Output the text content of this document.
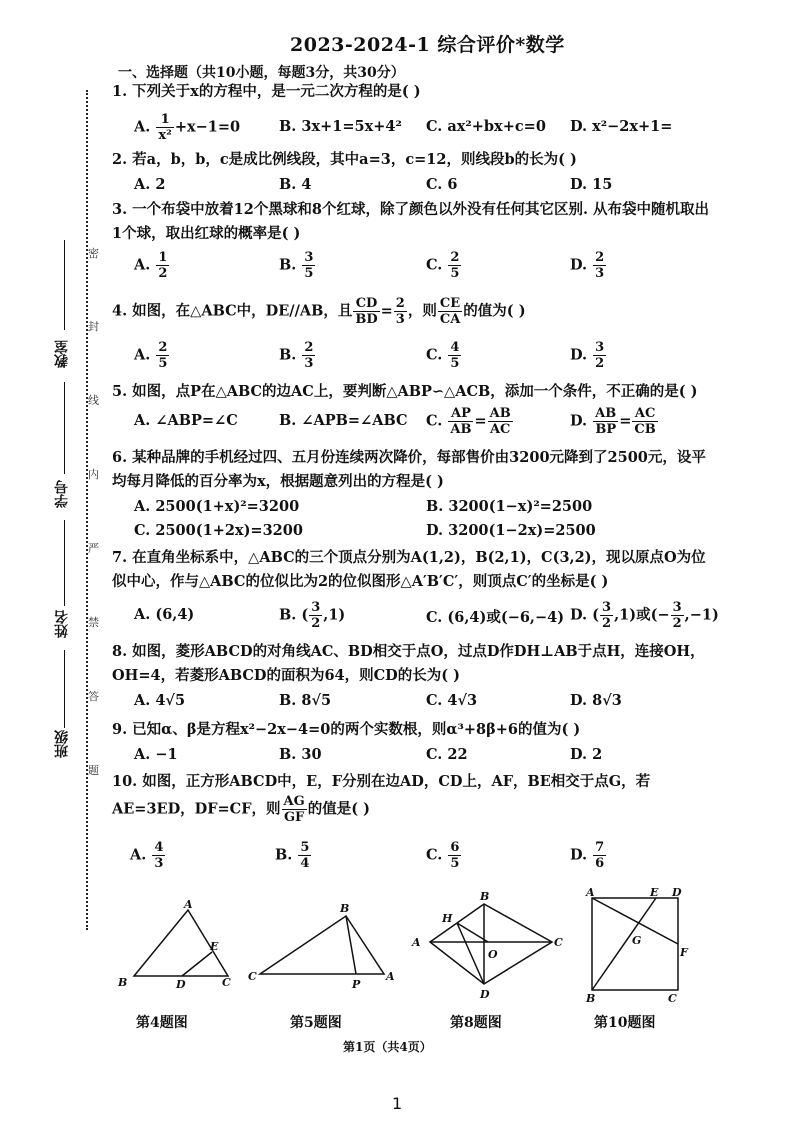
2023-2024-1 综合评价*数学
一、选择题（共10小题，每题3分，共30分）
密
封
线
内
严
禁
答
题
教室
学号
姓名
班级
1. 下列关于x的方程中，是一元二次方程的是( )
A. $\frac{1}{\text{x²}} +x-1=0$	B. 3x+1=5x+4² C. ax²+bx+c=0 D. x²−2x+1=
2. 若a，b，b，c是成比例线段，其中a=3，c=12，则线段b的长为( )
A. 2	B. 4	C. 6	D. 15
3. 一个布袋中放着12个黑球和8个红球，除了颜色以外没有任何其它区别. 从布袋中随机取出1个球，取出红球的概率是( )
A. $\frac{1}{2}$	B. $\frac{3}{5}$	C. $\frac{2}{5}$	D. $\frac{2}{3}$
4. 如图，在△ABC中，DE//AB，且 $\frac{CD}{BD} = \frac{2}{3}$ ，则 $\frac{CE}{CA}$ 的值为( )
A. $\frac{2}{5}$	B. $\frac{2}{3}$	C. $\frac{4}{5}$	D. $\frac{3}{2}$
5. 如图，点P在△ABC的边AC上，要判断△ABP∽△ACB，添加一个条件，不正确的是( )
A. ∠ABP=∠C	B. ∠APB=∠ABC C. $\frac{AP}{AB} = \frac{AB}{AC}$	D. $\frac{AB}{BP} = \frac{AC}{CB}$
6. 某种品牌的手机经过四、五月份连续两次降价，每部售价由3200元降到了2500元，设平均每月降低的百分率为x，根据题意列出的方程是( )
A. 2500(1+x)²=3200	B. 3200(1−x)²=2500
C. 2500(1+2x)=3200	D. 3200(1−2x)=2500
7. 在直角坐标系中，△ABC的三个顶点分别为A(1,2)，B(2,1)，C(3,2)，现以原点O为位似中心，作与△ABC的位似比为2的位似图形△A′B′C′，则顶点C′的坐标是( )
A. (6,4)	B. ( $\frac{3}{2} ,1$)	C. (6,4)或(−6,−4) D. ( $\frac{3}{2} ,1$)或(− $\frac{3}{2} ,-1$)
8. 如图，菱形ABCD的对角线AC、BD相交于点O，过点D作DH⊥AB于点H，连接OH，OH=4，若菱形ABCD的面积为64，则CD的长为( )
A. 4√5	B. 8√5	C. 4√3	D. 8√3
9. 已知α、β是方程x²−2x−4=0的两个实数根，则α³+8β+6的值为( )
A. −1	B. 30	C. 22	D. 2
10. 如图，正方形ABCD中，E，F分别在边AD，CD上，AF，BE相交于点G，若AE=3ED，DF=CF，则 $\frac{AG}{GF}$ 的值是( )
A. $\frac{4}{3}$	B. $\frac{5}{4}$	C. $\frac{6}{5}$	D. $\frac{7}{6}$
A
B	C
D
E
B
C
P
A
H
B
A
O
C
D
A	E D
G
F
B	C
第4题图	第5题图	第8题图	第10题图
第1页（共4页）
1
